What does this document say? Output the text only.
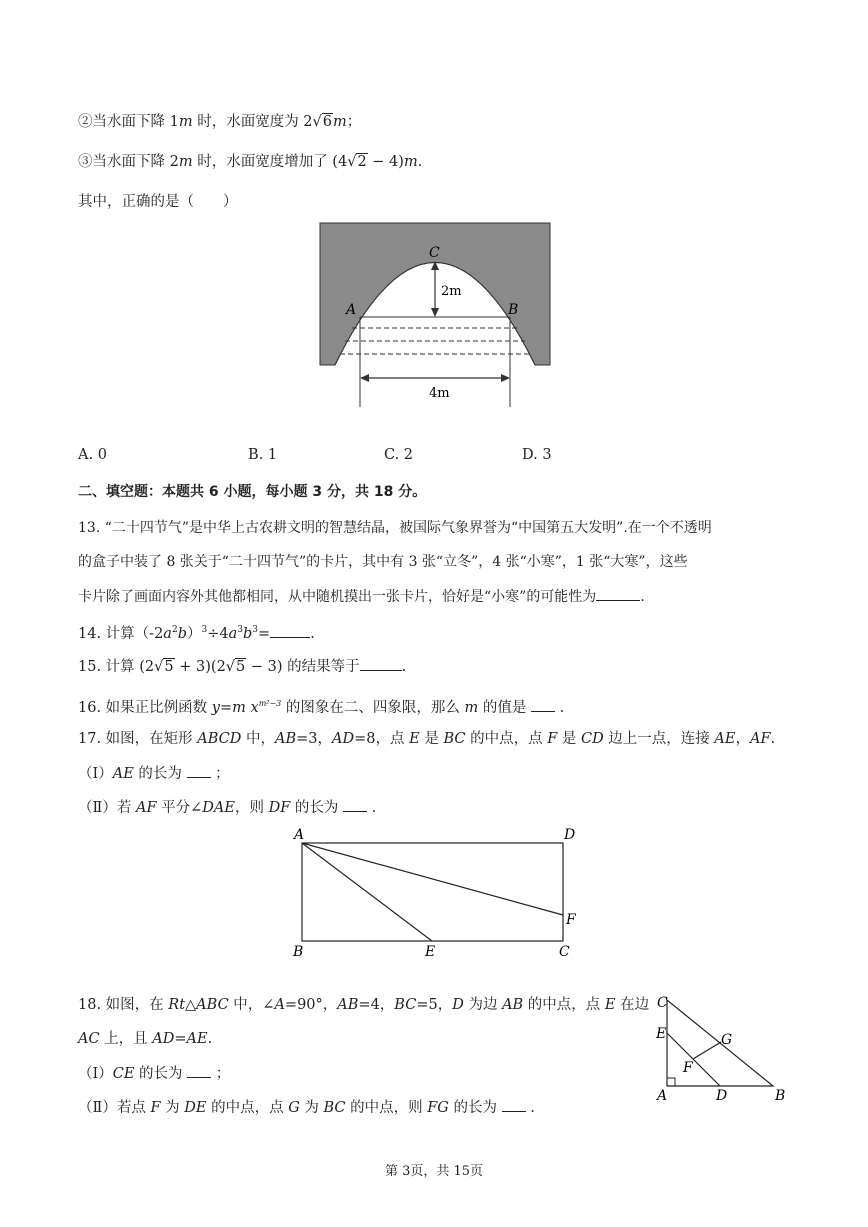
②当水面下降 1m 时，水面宽度为 2√6m；
③当水面下降 2m 时，水面宽度增加了 (4√2 − 4)m.
其中，正确的是（　　）
C
A	B
2m
4m
A. 0	B. 1	C. 2	D. 3
二、填空题：本题共 6 小题，每小题 3 分，共 18 分。
13. “二十四节气”是中华上古农耕文明的智慧结晶，被国际气象界誉为“中国第五大发明”.在一个不透明
的盒子中装了 8 张关于“二十四节气”的卡片，其中有 3 张“立冬”，4 张“小寒”，1 张“大寒”，这些
卡片除了画面内容外其他都相同，从中随机摸出一张卡片，恰好是“小寒”的可能性为	.
14. 计算$(-2a^2b)^3\div 4a^3b^3=$	.
15. 计算 (2√5 + 3)(2√5 − 3) 的结果等于	.
16. 如果正比例函数 y=m $x^{m^2-3}$ 的图象在二、四象限，那么 m 的值是 .
17. 如图，在矩形 ABCD 中，AB=3，AD=8，点 E 是 BC 的中点，点 F 是 CD 边上一点，连接 AE，AF.
（Ⅰ）AE 的长为 ；
（Ⅱ）若 AF 平分∠DAE，则 DF 的长为 .
A	D
F
B	E	C
18. 如图，在 Rt△ABC 中，∠A=90°，AB=4，BC=5，D 为边 AB 的中点，点 E 在边
AC 上，且 AD=AE.
（Ⅰ）CE 的长为 ；
（Ⅱ）若点 F 为 DE 的中点，点 G 为 BC 的中点，则 FG 的长为 .
C
E	G
F
A	D	B
第 3页，共 15页
